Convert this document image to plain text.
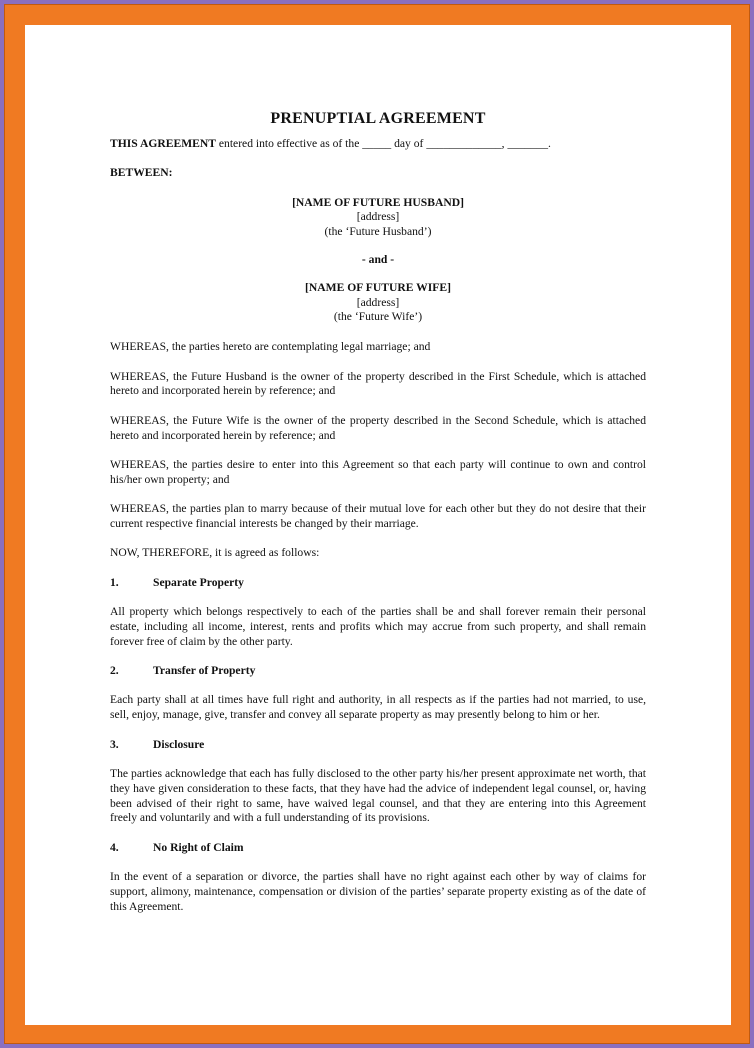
PRENUPTIAL AGREEMENT

THIS AGREEMENT entered into effective as of the _____ day of _____________, _______.

BETWEEN:

[NAME OF FUTURE HUSBAND]

[address]

(the ‘Future Husband’)

- and -

[NAME OF FUTURE WIFE]

[address]

(the ‘Future Wife’)

WHEREAS, the parties hereto are contemplating legal marriage; and

WHEREAS, the Future Husband is the owner of the property described in the First Schedule, which is attached hereto and incorporated herein by reference; and

WHEREAS, the Future Wife is the owner of the property described in the Second Schedule, which is attached hereto and incorporated herein by reference; and

WHEREAS, the parties desire to enter into this Agreement so that each party will continue to own and control his/her own property; and

WHEREAS, the parties plan to marry because of their mutual love for each other but they do not desire that their current respective financial interests be changed by their marriage.

NOW, THEREFORE, it is agreed as follows:

1.	Separate Property

All property which belongs respectively to each of the parties shall be and shall forever remain their personal estate, including all income, interest, rents and profits which may accrue from such property, and shall remain forever free of claim by the other party.

2.	Transfer of Property

Each party shall at all times have full right and authority, in all respects as if the parties had not married, to use, sell, enjoy, manage, give, transfer and convey all separate property as may presently belong to him or her.

3.	Disclosure

The parties acknowledge that each has fully disclosed to the other party his/her present approximate net worth, that they have given consideration to these facts, that they have had the advice of independent legal counsel, or, having been advised of their right to same, have waived legal counsel, and that they are entering into this Agreement freely and voluntarily and with a full understanding of its provisions.

4.	No Right of Claim

In the event of a separation or divorce, the parties shall have no right against each other by way of claims for support, alimony, maintenance, compensation or division of the parties’ separate property existing as of the date of this Agreement.
